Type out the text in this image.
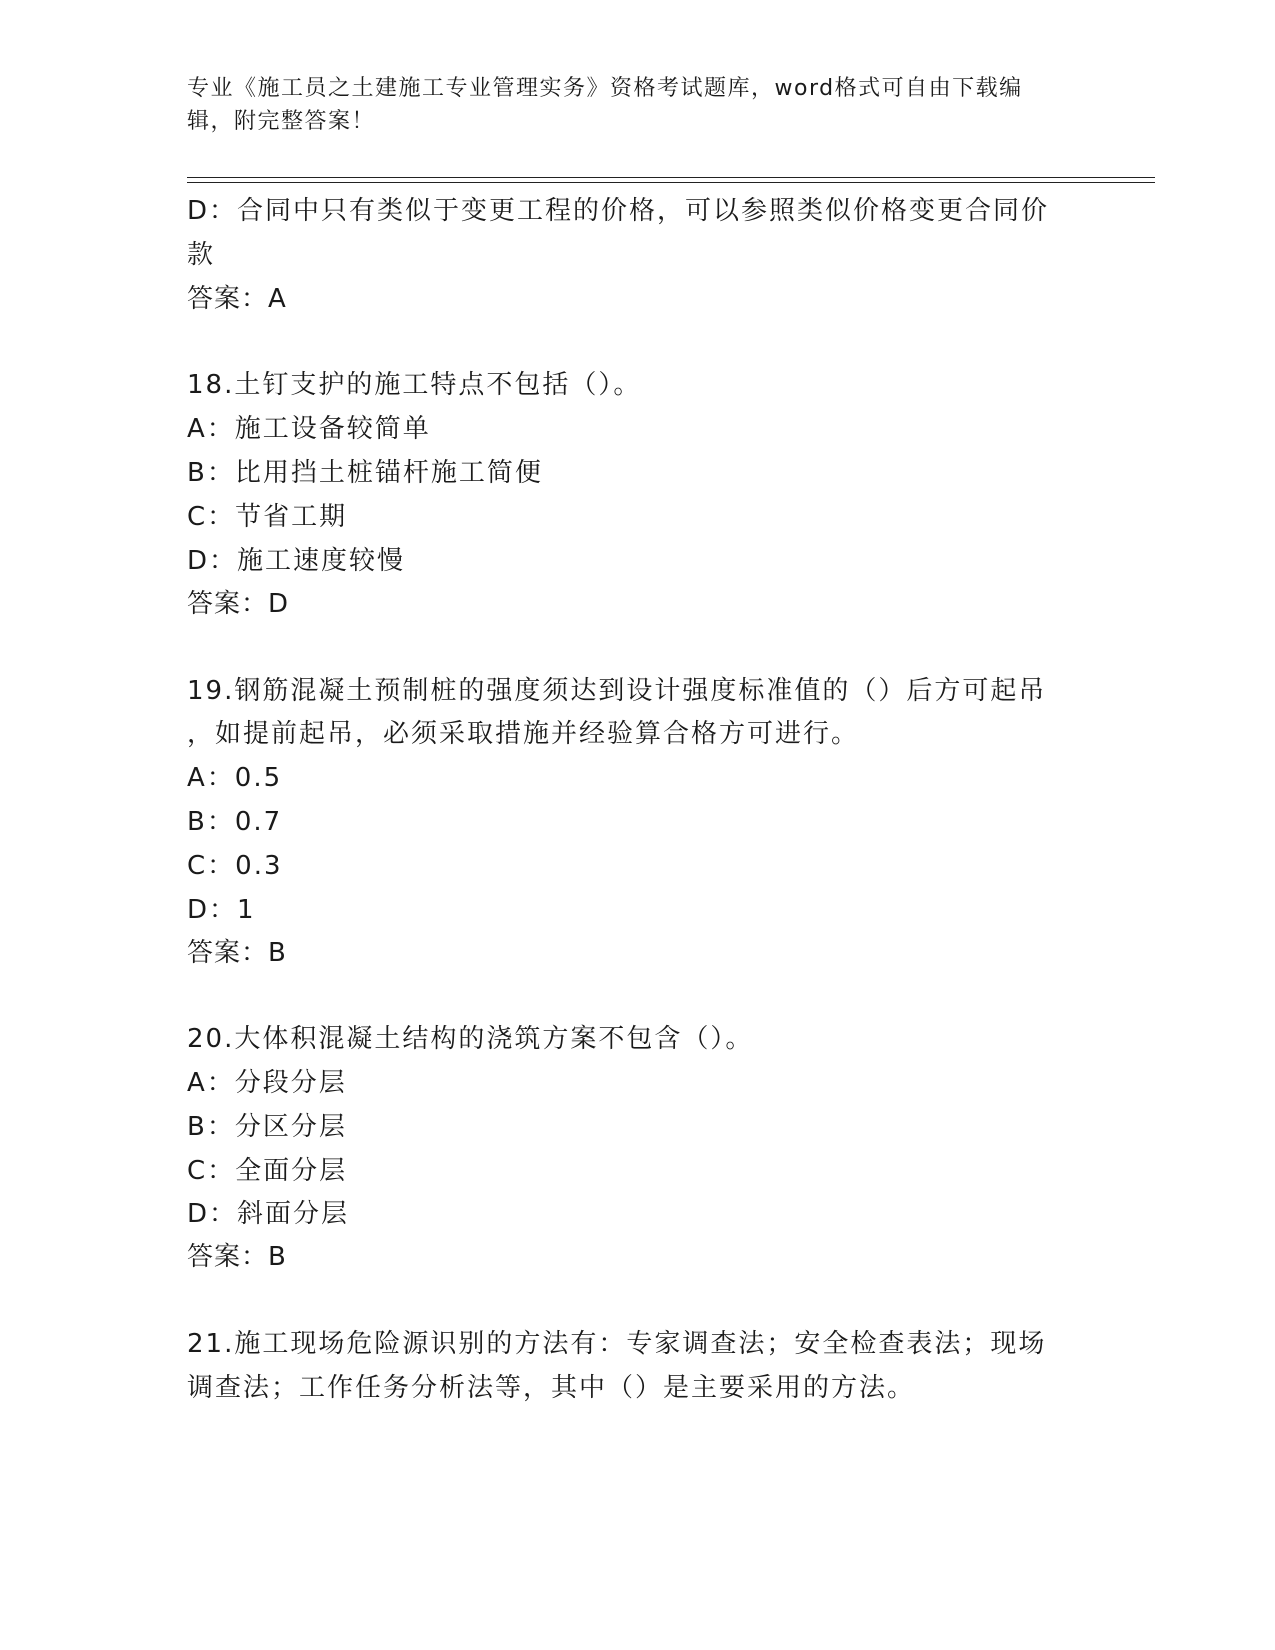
专业《施工员之土建施工专业管理实务》资格考试题库，word格式可自由下载编辑，附完整答案！

D：合同中只有类似于变更工程的价格，可以参照类似价格变更合同价

款

答案：A

18.土钉支护的施工特点不包括（）。

A：施工设备较简单

B：比用挡土桩锚杆施工简便

C：节省工期

D：施工速度较慢

答案：D

19.钢筋混凝土预制桩的强度须达到设计强度标准值的（）后方可起吊

，如提前起吊，必须采取措施并经验算合格方可进行。

A：0.5

B：0.7

C：0.3

D：1

答案：B

20.大体积混凝土结构的浇筑方案不包含（）。

A：分段分层

B：分区分层

C：全面分层

D：斜面分层

答案：B

21.施工现场危险源识别的方法有：专家调查法；安全检查表法；现场

调查法；工作任务分析法等，其中（）是主要采用的方法。
